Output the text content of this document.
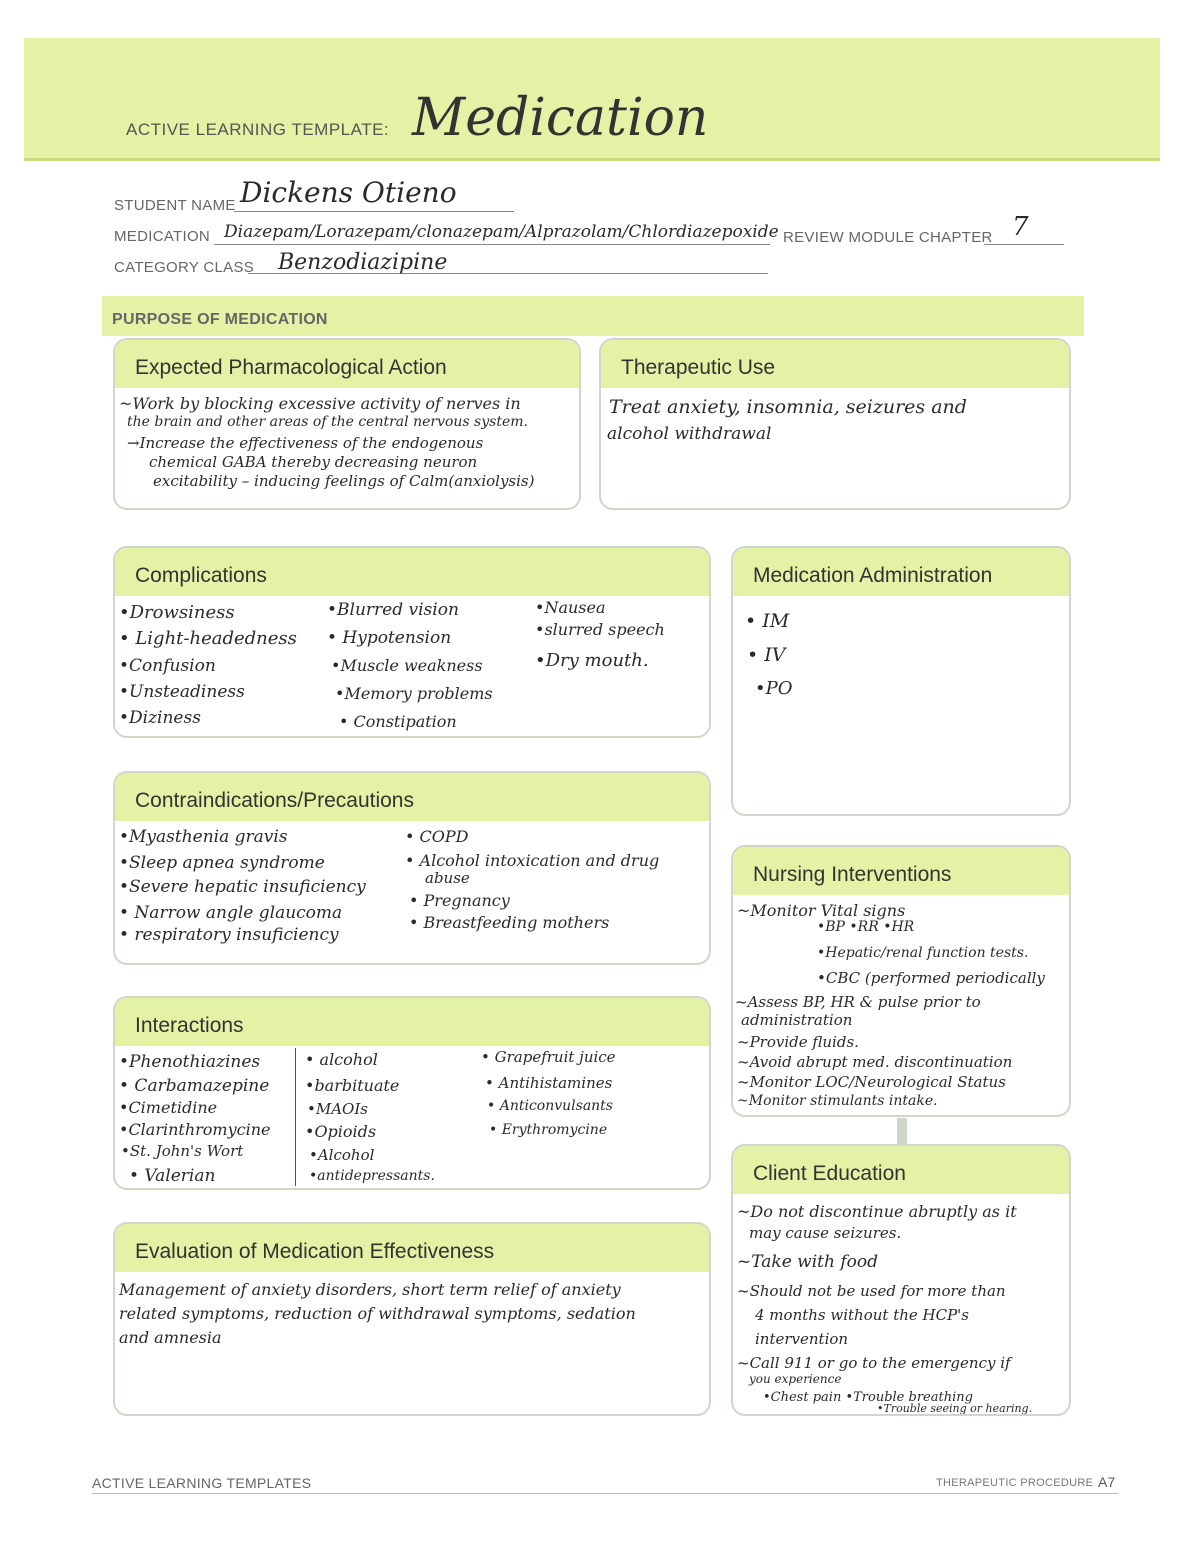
ACTIVE LEARNING TEMPLATE: Medication
STUDENT NAME Dickens Otieno
MEDICATION Diazepam/Lorazepam/clonazepam/Alprazolam/Chlordiazepoxide REVIEW MODULE CHAPTER 7
CATEGORY CLASS Benzodiazipine
PURPOSE OF MEDICATION
Expected Pharmacological Action
~Work by blocking excessive activity of nerves in
the brain and other areas of the central nervous system.
→Increase the effectiveness of the endogenous
chemical GABA thereby decreasing neuron
excitability – inducing feelings of Calm(anxiolysis)
Therapeutic Use
Treat anxiety, insomnia, seizures and
alcohol withdrawal
Complications
•Drowsiness
• Light-headedness
•Confusion
•Unsteadiness
•Diziness
•Blurred vision
• Hypotension
•Muscle weakness
•Memory problems
• Constipation
•Nausea
•slurred speech
•Dry mouth.
Medication Administration
• IM
• IV
•PO
Contraindications/Precautions
•Myasthenia gravis
•Sleep apnea syndrome
•Severe hepatic insuficiency
• Narrow angle glaucoma
• respiratory insuficiency
• COPD
• Alcohol intoxication and drug
abuse
• Pregnancy
• Breastfeeding mothers
Nursing Interventions
~Monitor Vital signs
•BP •RR •HR
•Hepatic/renal function tests.
•CBC (performed periodically
~Assess BP, HR & pulse prior to
administration
~Provide fluids.
~Avoid abrupt med. discontinuation
~Monitor LOC/Neurological Status
~Monitor stimulants intake.
Interactions
•Phenothiazines
• Carbamazepine
•Cimetidine
•Clarinthromycine
•St. John's Wort
• Valerian
• alcohol
•barbituate
•MAOIs
•Opioids
•Alcohol
•antidepressants.
• Grapefruit juice
• Antihistamines
• Anticonvulsants
• Erythromycine
Client Education
~Do not discontinue abruptly as it
may cause seizures.
~Take with food
~Should not be used for more than
4 months without the HCP's
intervention
~Call 911 or go to the emergency if
you experience
•Chest pain •Trouble breathing
•Trouble seeing or hearing.
Evaluation of Medication Effectiveness
Management of anxiety disorders, short term relief of anxiety
related symptoms, reduction of withdrawal symptoms, sedation
and amnesia
ACTIVE LEARNING TEMPLATES	THERAPEUTIC PROCEDURE A7
